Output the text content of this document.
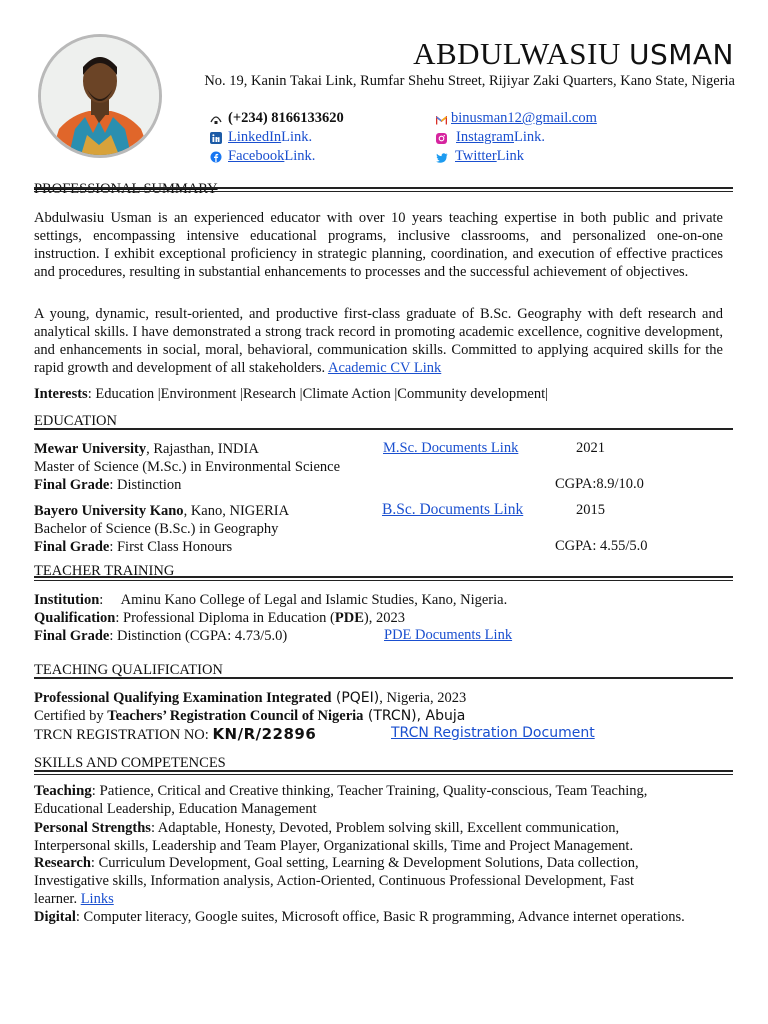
ABDULWASIU USMAN
No. 19, Kanin Takai Link, Rumfar Shehu Street, Rijiyar Zaki Quarters, Kano State, Nigeria
(+234) 8166133620
LinkedIn Link.
Facebook Link.
binusman12@gmail.com
Instagram Link.
Twitter Link
PROFESSIONAL SUMMARY
Abdulwasiu Usman is an experienced educator with over 10 years teaching expertise in both public and private settings, encompassing intensive educational programs, inclusive classrooms, and personalized one-on-one instruction. I exhibit exceptional proficiency in strategic planning, coordination, and execution of effective practices and procedures, resulting in substantial enhancements to processes and the successful achievement of objectives.
A young, dynamic, result-oriented, and productive first-class graduate of B.Sc. Geography with deft research and analytical skills. I have demonstrated a strong track record in promoting academic excellence, cognitive development, and enhancements in social, moral, behavioral, communication skills. Committed to applying acquired skills for the rapid growth and development of all stakeholders. Academic CV Link
Interests: Education |Environment |Research |Climate Action |Community development|
EDUCATION
Mewar University, Rajasthan, INDIA	M.Sc. Documents Link	2021
Master of Science (M.Sc.) in Environmental Science
Final Grade: Distinction	CGPA:8.9/10.0
Bayero University Kano, Kano, NIGERIA	B.Sc. Documents Link	2015
Bachelor of Science (B.Sc.) in Geography
Final Grade: First Class Honours	CGPA: 4.55/5.0
TEACHER TRAINING
Institution:     Aminu Kano College of Legal and Islamic Studies, Kano, Nigeria.
Qualification: Professional Diploma in Education (PDE), 2023
Final Grade: Distinction (CGPA: 4.73/5.0)	PDE Documents Link
TEACHING QUALIFICATION
Professional Qualifying Examination Integrated (PQEI), Nigeria, 2023
Certified by Teachers’ Registration Council of Nigeria (TRCN), Abuja
TRCN REGISTRATION NO: KN/R/22896	TRCN Registration Document
SKILLS AND COMPETENCES
Teaching: Patience, Critical and Creative thinking, Teacher Training, Quality-conscious, Team Teaching,
Educational Leadership, Education Management
Personal Strengths: Adaptable, Honesty, Devoted, Problem solving skill, Excellent communication,
Interpersonal skills, Leadership and Team Player, Organizational skills, Time and Project Management.
Research: Curriculum Development, Goal setting, Learning & Development Solutions, Data collection,
Investigative skills, Information analysis, Action-Oriented, Continuous Professional Development, Fast
learner. Links
Digital: Computer literacy, Google suites, Microsoft office, Basic R programming, Advance internet operations.
